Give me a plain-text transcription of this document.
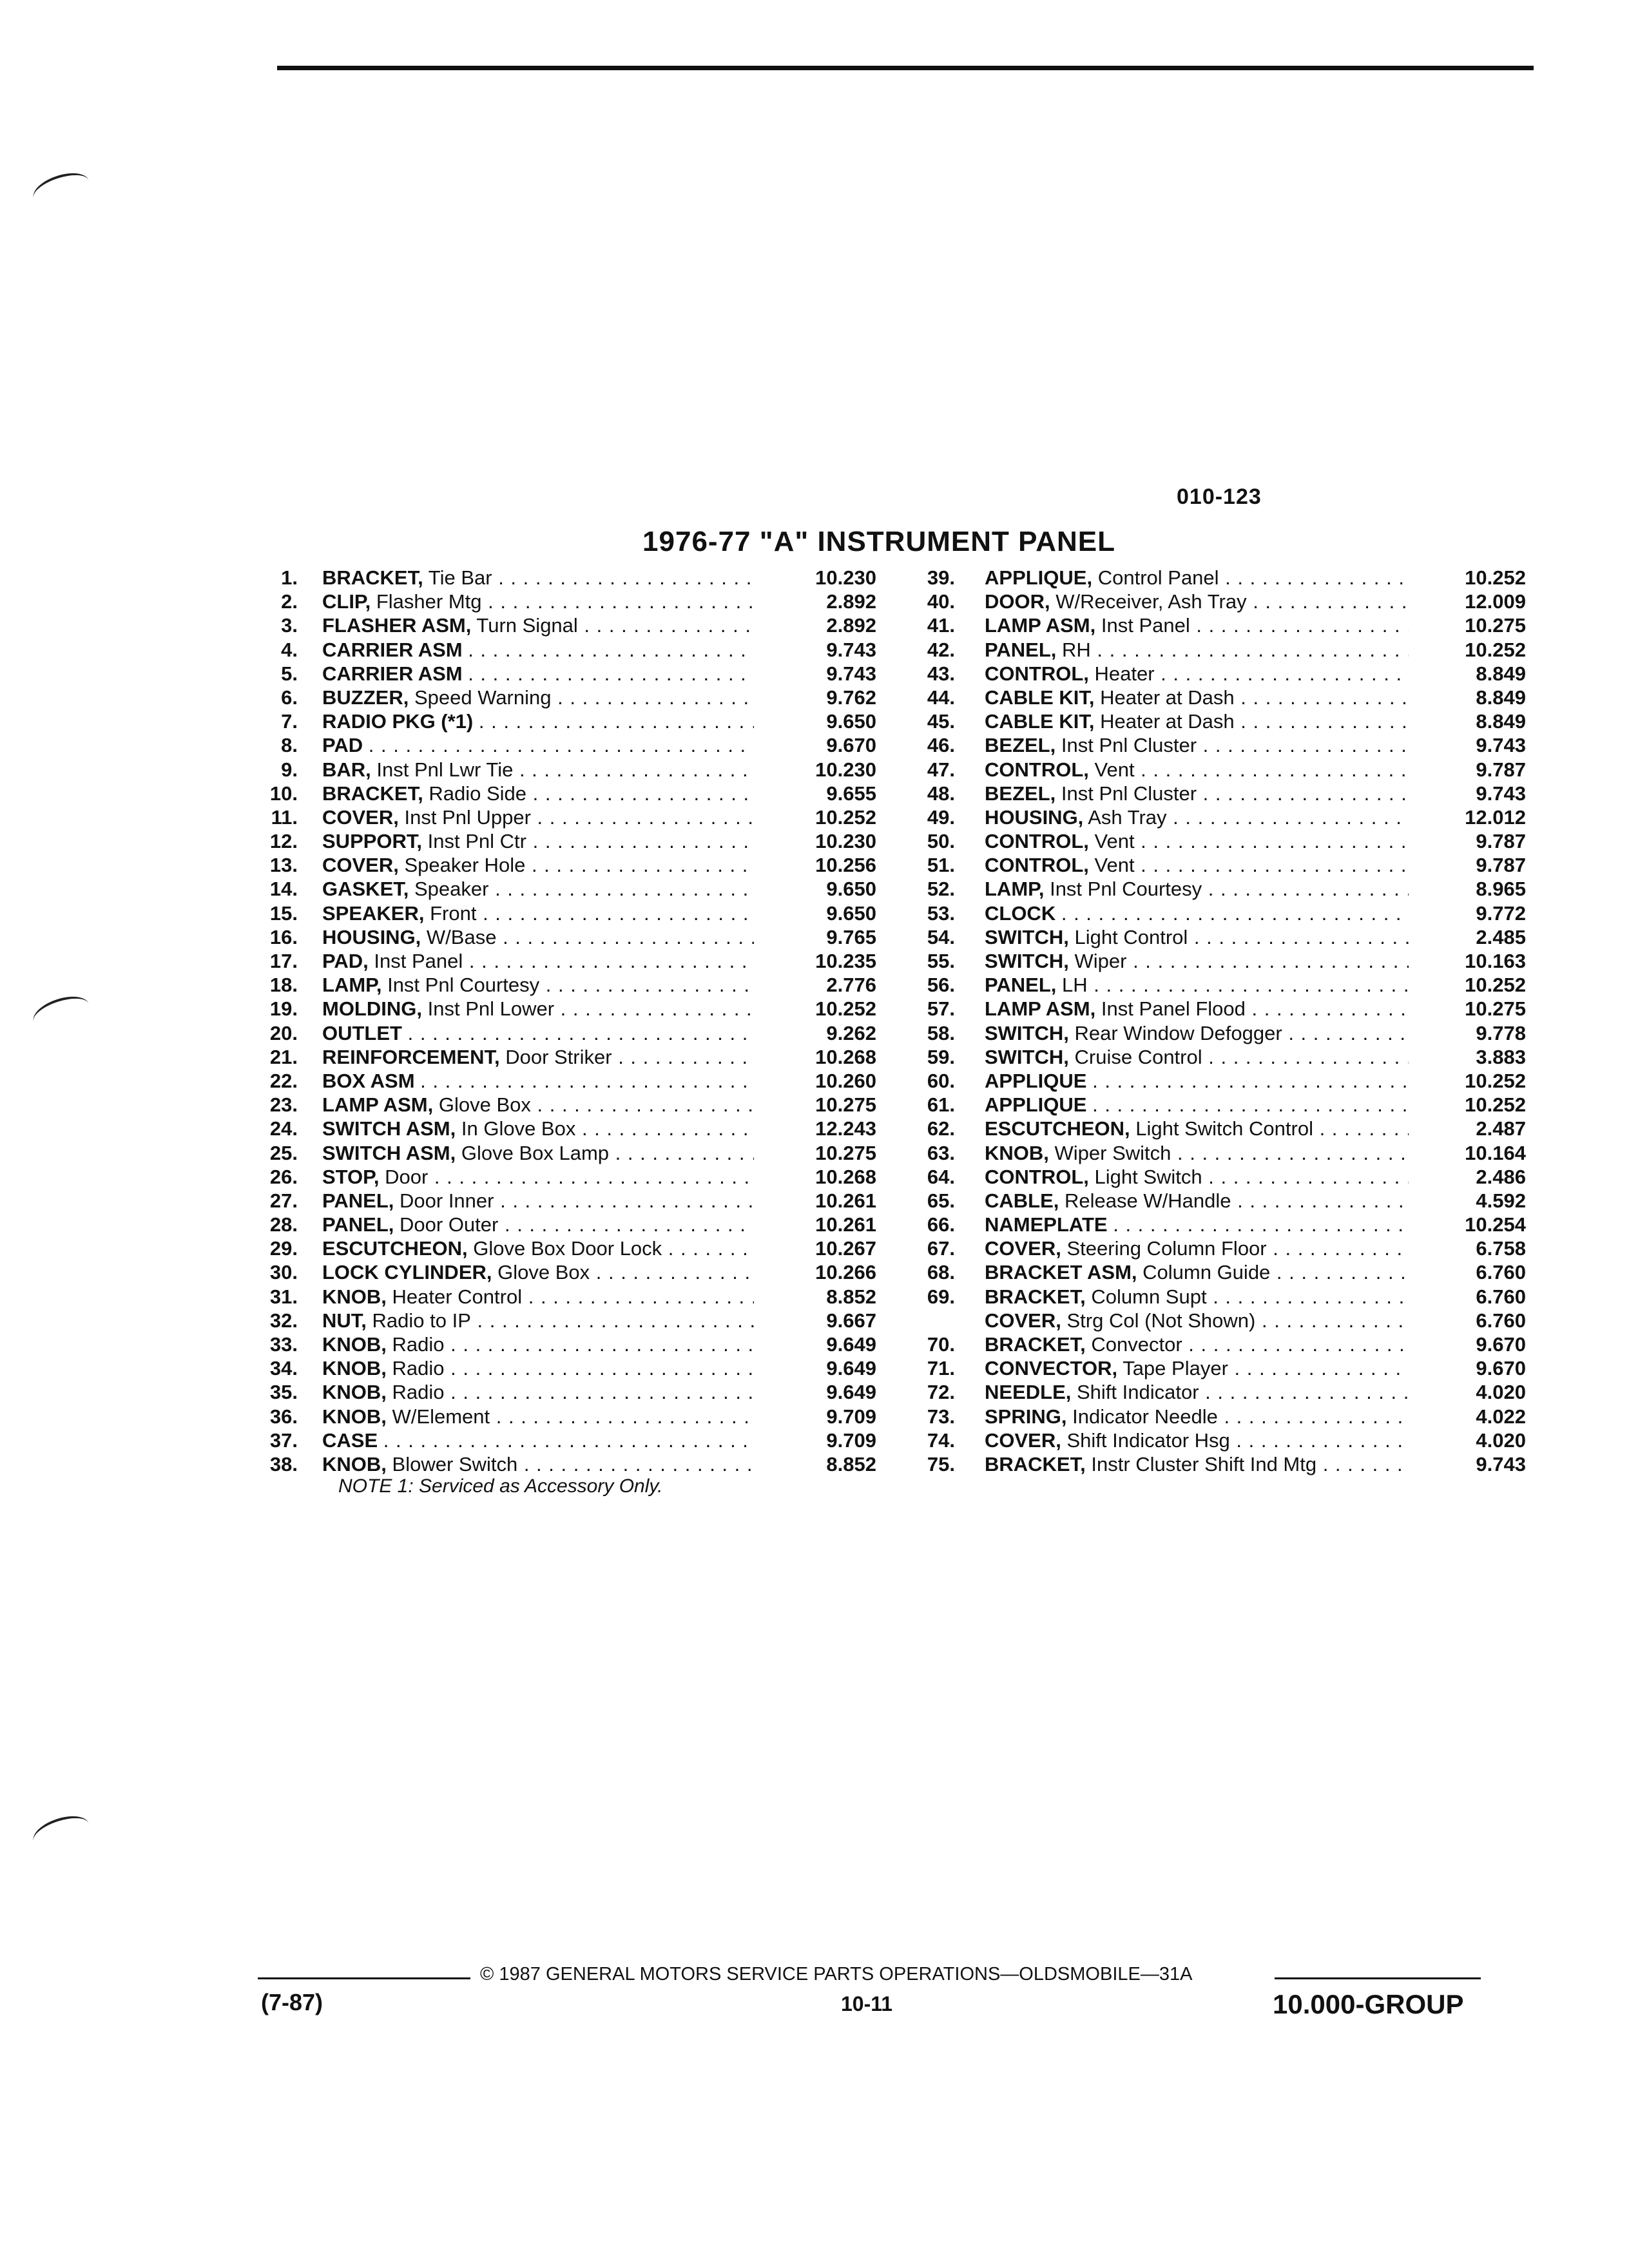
010-123
1976-77 "A" INSTRUMENT PANEL
1. BRACKET, Tie Bar . . .	10.230
2. CLIP, Flasher Mtg . . .	2.892
3. FLASHER ASM, Turn Signal . . .	2.892
4. CARRIER ASM . . .	9.743
5. CARRIER ASM . . .	9.743
6. BUZZER, Speed Warning . . .	9.762
7. RADIO PKG (*1) . . .	9.650
8. PAD . . .	9.670
9. BAR, Inst Pnl Lwr Tie . . .	10.230
10. BRACKET, Radio Side . . .	9.655
11. COVER, Inst Pnl Upper . . .	10.252
12. SUPPORT, Inst Pnl Ctr . . .	10.230
13. COVER, Speaker Hole . . .	10.256
14. GASKET, Speaker . . .	9.650
15. SPEAKER, Front . . .	9.650
16. HOUSING, W/Base . . .	9.765
17. PAD, Inst Panel . . .	10.235
18. LAMP, Inst Pnl Courtesy . . .	2.776
19. MOLDING, Inst Pnl Lower . . .	10.252
20. OUTLET . . .	9.262
21. REINFORCEMENT, Door Striker . . .	10.268
22. BOX ASM . . .	10.260
23. LAMP ASM, Glove Box . . .	10.275
24. SWITCH ASM, In Glove Box . . .	12.243
25. SWITCH ASM, Glove Box Lamp . . .	10.275
26. STOP, Door . . .	10.268
27. PANEL, Door Inner . . .	10.261
28. PANEL, Door Outer . . .	10.261
29. ESCUTCHEON, Glove Box Door Lock . . .	10.267
30. LOCK CYLINDER, Glove Box . . .	10.266
31. KNOB, Heater Control . . .	8.852
32. NUT, Radio to IP . . .	9.667
33. KNOB, Radio . . .	9.649
34. KNOB, Radio . . .	9.649
35. KNOB, Radio . . .	9.649
36. KNOB, W/Element . . .	9.709
37. CASE . . .	9.709
38. KNOB, Blower Switch . . .	8.852
39. APPLIQUE, Control Panel . . .	10.252
40. DOOR, W/Receiver, Ash Tray . . .	12.009
41. LAMP ASM, Inst Panel . . .	10.275
42. PANEL, RH . . .	10.252
43. CONTROL, Heater . . .	8.849
44. CABLE KIT, Heater at Dash . . .	8.849
45. CABLE KIT, Heater at Dash . . .	8.849
46. BEZEL, Inst Pnl Cluster . . .	9.743
47. CONTROL, Vent . . .	9.787
48. BEZEL, Inst Pnl Cluster . . .	9.743
49. HOUSING, Ash Tray . . .	12.012
50. CONTROL, Vent . . .	9.787
51. CONTROL, Vent . . .	9.787
52. LAMP, Inst Pnl Courtesy . . .	8.965
53. CLOCK . . .	9.772
54. SWITCH, Light Control . . .	2.485
55. SWITCH, Wiper . . .	10.163
56. PANEL, LH . . .	10.252
57. LAMP ASM, Inst Panel Flood . . .	10.275
58. SWITCH, Rear Window Defogger . . .	9.778
59. SWITCH, Cruise Control . . .	3.883
60. APPLIQUE . . .	10.252
61. APPLIQUE . . .	10.252
62. ESCUTCHEON, Light Switch Control . . .	2.487
63. KNOB, Wiper Switch . . .	10.164
64. CONTROL, Light Switch . . .	2.486
65. CABLE, Release W/Handle . . .	4.592
66. NAMEPLATE . . .	10.254
67. COVER, Steering Column Floor . . .	6.758
68. BRACKET ASM, Column Guide . . .	6.760
69. BRACKET, Column Supt . . .	6.760
COVER, Strg Col (Not Shown) . . .	6.760
70. BRACKET, Convector . . .	9.670
71. CONVECTOR, Tape Player . . .	9.670
72. NEEDLE, Shift Indicator . . .	4.020
73. SPRING, Indicator Needle . . .	4.022
74. COVER, Shift Indicator Hsg . . .	4.020
75. BRACKET, Instr Cluster Shift Ind Mtg . . .	9.743
NOTE 1: Serviced as Accessory Only.
© 1987 GENERAL MOTORS SERVICE PARTS OPERATIONS—OLDSMOBILE—31A
(7-87)	10-11	10.000-GROUP
